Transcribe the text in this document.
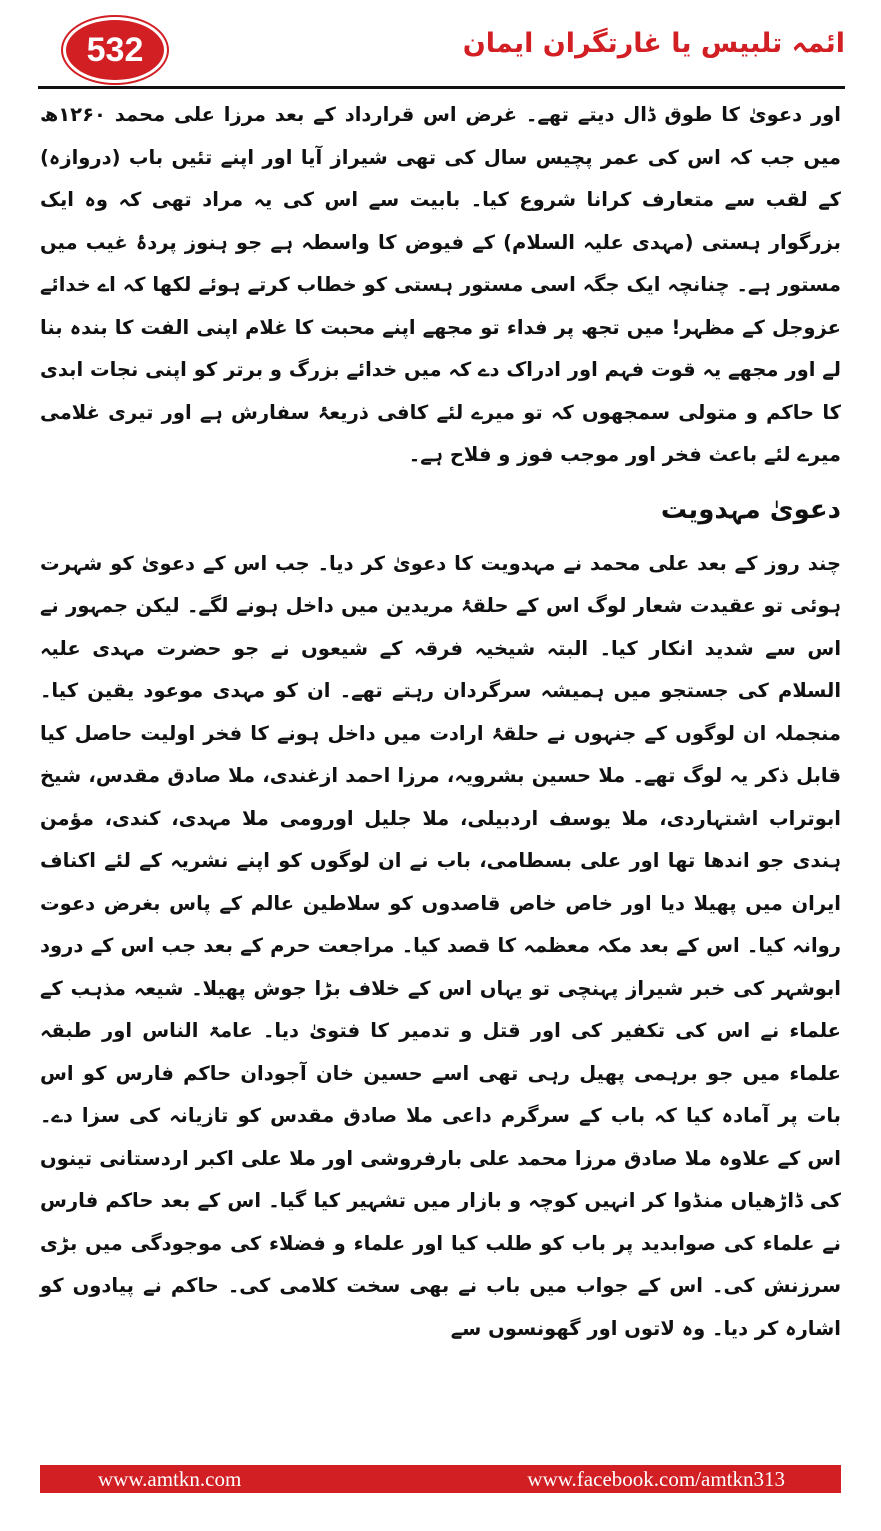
532	ائمہ تلبیس یا غارتگران ایمان

اور دعویٰ کا طوق ڈال دیتے تھے۔ غرض اس قرارداد کے بعد مرزا علی محمد ۱۲۶۰ھ میں جب کہ اس کی عمر پچیس سال کی تھی شیراز آیا اور اپنے تئیں باب (دروازہ) کے لقب سے متعارف کرانا شروع کیا۔ بابیت سے اس کی یہ مراد تھی کہ وہ ایک بزرگوار ہستی (مہدی علیہ السلام) کے فیوض کا واسطہ ہے جو ہنوز پردۂ غیب میں مستور ہے۔ چنانچہ ایک جگہ اسی مستور ہستی کو خطاب کرتے ہوئے لکھا کہ اے خدائے عزوجل کے مظہر! میں تجھ پر فداء تو مجھے اپنے محبت کا غلام اپنی الفت کا بندہ بنا لے اور مجھے یہ قوت فہم اور ادراک دے کہ میں خدائے بزرگ و برتر کو اپنی نجات ابدی کا حاکم و متولی سمجھوں کہ تو میرے لئے کافی ذریعۂ سفارش ہے اور تیری غلامی میرے لئے باعث فخر اور موجب فوز و فلاح ہے۔

دعویٰ مہدویت

چند روز کے بعد علی محمد نے مہدویت کا دعویٰ کر دیا۔ جب اس کے دعویٰ کو شہرت ہوئی تو عقیدت شعار لوگ اس کے حلقۂ مریدین میں داخل ہونے لگے۔ لیکن جمہور نے اس سے شدید انکار کیا۔ البتہ شیخیہ فرقہ کے شیعوں نے جو حضرت مہدی علیہ السلام کی جستجو میں ہمیشہ سرگردان رہتے تھے۔ ان کو مہدی موعود یقین کیا۔ منجملہ ان لوگوں کے جنہوں نے حلقۂ ارادت میں داخل ہونے کا فخر اولیت حاصل کیا قابل ذکر یہ لوگ تھے۔ ملا حسین بشرویہ، مرزا احمد ازغندی، ملا صادق مقدس، شیخ ابوتراب اشتہاردی، ملا یوسف اردبیلی، ملا جلیل اورومی ملا مہدی، کندی، مؤمن ہندی جو اندھا تھا اور علی بسطامی، باب نے ان لوگوں کو اپنے نشریہ کے لئے اکناف ایران میں پھیلا دیا اور خاص خاص قاصدوں کو سلاطین عالم کے پاس بغرض دعوت روانہ کیا۔ اس کے بعد مکہ معظمہ کا قصد کیا۔ مراجعت حرم کے بعد جب اس کے درود ابوشہر کی خبر شیراز پہنچی تو یہاں اس کے خلاف بڑا جوش پھیلا۔ شیعہ مذہب کے علماء نے اس کی تکفیر کی اور قتل و تدمیر کا فتویٰ دیا۔ عامۃ الناس اور طبقہ علماء میں جو برہمی پھیل رہی تھی اسے حسین خان آجودان حاکم فارس کو اس بات پر آمادہ کیا کہ باب کے سرگرم داعی ملا صادق مقدس کو تازیانہ کی سزا دے۔ اس کے علاوہ ملا صادق مرزا محمد علی بارفروشی اور ملا علی اکبر اردستانی تینوں کی ڈاڑھیاں منڈوا کر انہیں کوچہ و بازار میں تشہیر کیا گیا۔ اس کے بعد حاکم فارس نے علماء کی صوابدید پر باب کو طلب کیا اور علماء و فضلاء کی موجودگی میں بڑی سرزنش کی۔ اس کے جواب میں باب نے بھی سخت کلامی کی۔ حاکم نے پیادوں کو اشارہ کر دیا۔ وہ لاتوں اور گھونسوں سے

www.amtkn.com	www.facebook.com/amtkn313
